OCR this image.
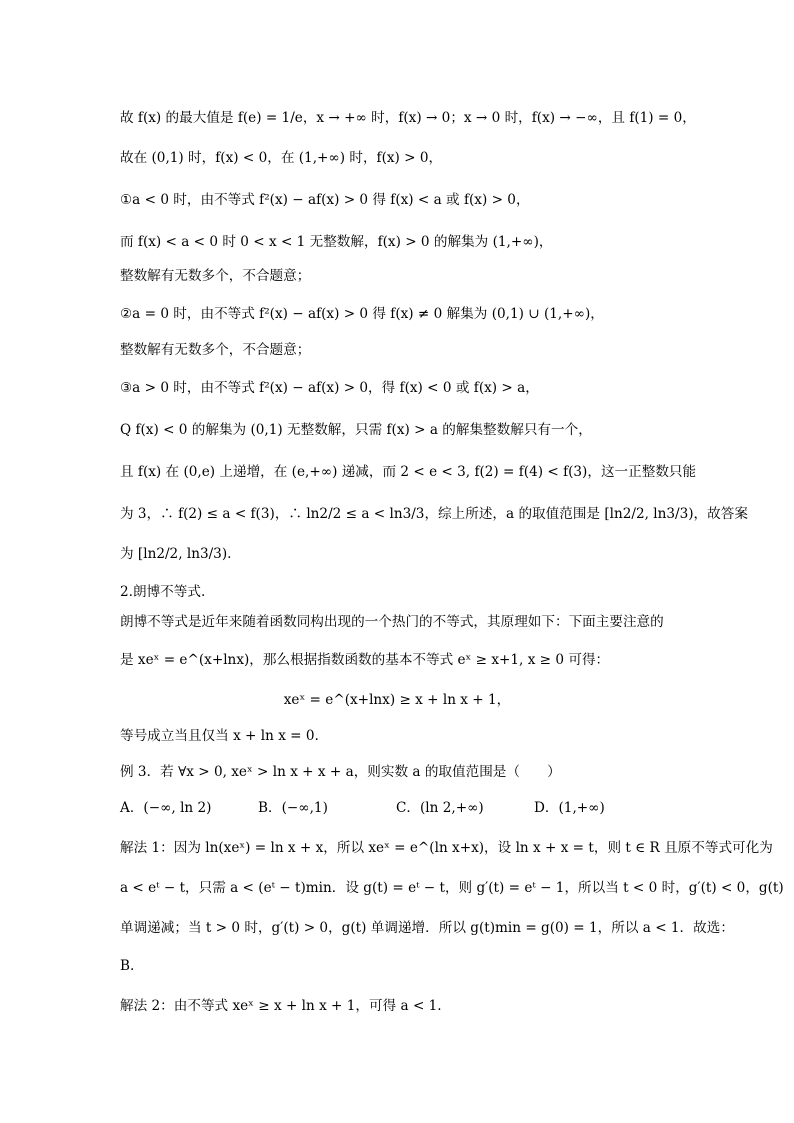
故 f(x) 的最大值是 f(e) = 1/e，x → +∞ 时，f(x) → 0；x → 0 时，f(x) → −∞，且 f(1) = 0，
故在 (0,1) 时，f(x) < 0，在 (1,+∞) 时，f(x) > 0，
①a < 0 时，由不等式 f²(x) − af(x) > 0 得 f(x) < a 或 f(x) > 0，
而 f(x) < a < 0 时 0 < x < 1 无整数解，f(x) > 0 的解集为 (1,+∞)，
整数解有无数多个，不合题意；
②a = 0 时，由不等式 f²(x) − af(x) > 0 得 f(x) ≠ 0 解集为 (0,1) ∪ (1,+∞)，
整数解有无数多个，不合题意；
③a > 0 时，由不等式 f²(x) − af(x) > 0，得 f(x) < 0 或 f(x) > a，
Q f(x) < 0 的解集为 (0,1) 无整数解，只需 f(x) > a 的解集整数解只有一个，
且 f(x) 在 (0,e) 上递增，在 (e,+∞) 递减，而 2 < e < 3, f(2) = f(4) < f(3)，这一正整数只能
为 3，∴ f(2) ≤ a < f(3)，∴ ln2/2 ≤ a < ln3/3，综上所述，a 的取值范围是 [ln2/2, ln3/3)，故答案
为 [ln2/2, ln3/3).
2.朗博不等式.
朗博不等式是近年来随着函数同构出现的一个热门的不等式，其原理如下：下面主要注意的
是 xeˣ = e^(x+lnx)，那么根据指数函数的基本不等式 eˣ ≥ x+1, x ≥ 0 可得：
xeˣ = e^(x+lnx) ≥ x + ln x + 1，
等号成立当且仅当 x + ln x = 0.
例 3．若 ∀x > 0, xeˣ > ln x + x + a，则实数 a 的取值范围是（　　）
A．(−∞, ln 2)	B．(−∞,1)	C．(ln 2,+∞)	D．(1,+∞)
解法 1：因为 ln(xeˣ) = ln x + x，所以 xeˣ = e^(ln x+x)，设 ln x + x = t，则 t ∈ R 且原不等式可化为
a < eᵗ − t，只需 a < (eᵗ − t)min．设 g(t) = eᵗ − t，则 g′(t) = eᵗ − 1，所以当 t < 0 时，g′(t) < 0，g(t)
单调递减；当 t > 0 时，g′(t) > 0，g(t) 单调递增．所以 g(t)min = g(0) = 1，所以 a < 1．故选：
B.
解法 2：由不等式 xeˣ ≥ x + ln x + 1，可得 a < 1.
